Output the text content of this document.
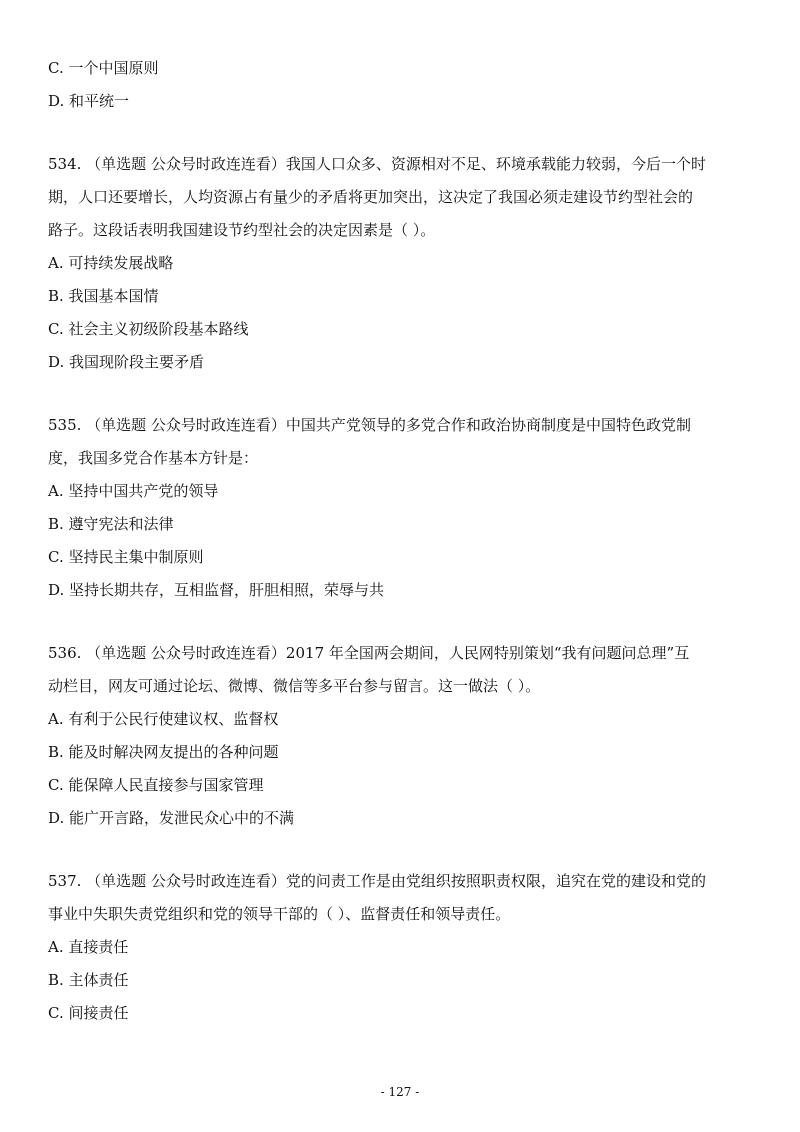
C. 一个中国原则
D. 和平统一
534. （单选题 公众号时政连连看）我国人口众多、资源相对不足、环境承载能力较弱，今后一个时
期，人口还要增长，人均资源占有量少的矛盾将更加突出，这决定了我国必须走建设节约型社会的
路子。这段话表明我国建设节约型社会的决定因素是（ ）。
A. 可持续发展战略
B. 我国基本国情
C. 社会主义初级阶段基本路线
D. 我国现阶段主要矛盾
535. （单选题 公众号时政连连看）中国共产党领导的多党合作和政治协商制度是中国特色政党制
度，我国多党合作基本方针是：
A. 坚持中国共产党的领导
B. 遵守宪法和法律
C. 坚持民主集中制原则
D. 坚持长期共存，互相监督，肝胆相照，荣辱与共
536. （单选题 公众号时政连连看）2017 年全国两会期间，人民网特别策划“我有问题问总理”互
动栏目，网友可通过论坛、微博、微信等多平台参与留言。这一做法（ ）。
A. 有利于公民行使建议权、监督权
B. 能及时解决网友提出的各种问题
C. 能保障人民直接参与国家管理
D. 能广开言路，发泄民众心中的不满
537. （单选题 公众号时政连连看）党的问责工作是由党组织按照职责权限，追究在党的建设和党的
事业中失职失责党组织和党的领导干部的（ ）、监督责任和领导责任。
A. 直接责任
B. 主体责任
C. 间接责任
- 127 -
